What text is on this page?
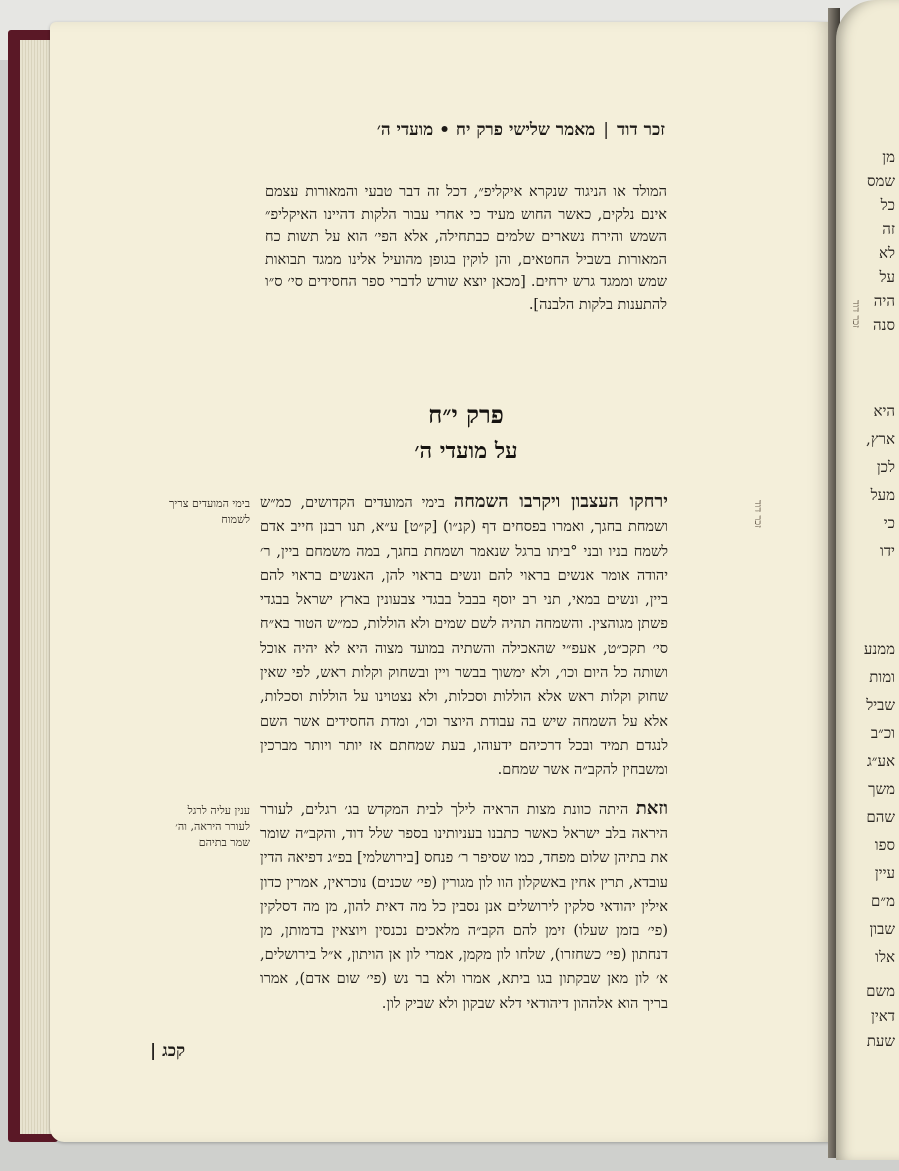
זכר דוד|מאמר שלישי פרק יח • מועדי ה׳
המולד או הניגוד שנקרא איקליפ״, דכל זה דבר טבעי והמאורות עצמם אינם נלקים, כאשר החוש מעיד כי אחרי עבור הלקות דהיינו האיקליפ״ השמש והירח נשארים שלמים כבתחילה, אלא הפי׳ הוא על תשות כח המאורות בשביל החטאים, והן לוקין בגופן מהועיל אלינו ממגד תבואות שמש וממגד גרש ירחים. [מכאן יוצא שורש לדברי ספר החסידים סי׳ ס״ו להתענות בלקות הלבנה].
פרק י״ח
על מועדי ה׳
ירחקו העצבון ויקרבו השמחה בימי המועדים הקדושים, כמ״ש ושמחת בחגך, ואמרו בפסחים דף (קנ״ו) [ק״ט] ע״א, תנו רבנן חייב אדם לשמח בניו ובני °ביתו ברגל שנאמר ושמחת בחגך, במה משמחם ביין, ר׳ יהודה אומר אנשים בראוי להם ונשים בראוי להן, האנשים בראוי להם ביין, ונשים במאי, תני רב יוסף בבבל בבגדי צבעונין בארץ ישראל בבגדי פשתן מגוהצין. והשמחה תהיה לשם שמים ולא הוללות, כמ״ש הטור בא״ח סי׳ תקכ״ט, אעפ״י שהאכילה והשתיה במועד מצוה היא לא יהיה אוכל ושותה כל היום וכו׳, ולא ימשוך בבשר ויין ובשחוק וקלות ראש, לפי שאין שחוק וקלות ראש אלא הוללות וסכלות, ולא נצטוינו על הוללות וסכלות, אלא על השמחה שיש בה עבודת היוצר וכו׳, ומדת החסידים אשר השם לנגדם תמיד ובכל דרכיהם ידעוהו, בעת שמחתם אז יותר ויותר מברכין ומשבחין להקב״ה אשר שמחם.
וזאת היתה כוונת מצות הראיה לילך לבית המקדש בג׳ רגלים, לעורר היראה בלב ישראל כאשר כתבנו בעניותינו בספר שלל דוד, והקב״ה שומר את בתיהן שלום מפחד, כמו שסיפר ר׳ פנחס [בירושלמי] בפ״ג דפיאה הדין עובדא, תרין אחין באשקלון הוו לון מגורין (פי׳ שכנים) נוכראין, אמרין כדון אילין יהודאי סלקין לירושלים אנן נסבין כל מה דאית להון, מן מה דסלקין (פי׳ בזמן שעלו) זימן להם הקב״ה מלאכים נכנסין ויוצאין בדמותן, מן דנחתון (פי׳ כשחזרו), שלחו לון מקמן, אמרי לון אן הויתון, א״ל בירושלים, א׳ לון מאן שבקתון בגו ביתא, אמרו ולא בר נש (פי׳ שום אדם), אמרו בריך הוא אלההון דיהודאי דלא שבקון ולא שביק לון.
בימי המועדים צריך לשמוח
ענין עליה לרגל לעורר היראה, וה׳ שמר בתיהם
זכר דוד
קכג |
זכר דוד
מן
שמס
כל
זה
לא
על
היה
סנה
היא
ארץ,
לכן
מעל
כי
ידו
ממנע
ומות
שביל
וכ״ב
אע״ג
משך
שהם
ספו
עיין
מ״ם
שבון
אלו
משם
דאין
שעת
